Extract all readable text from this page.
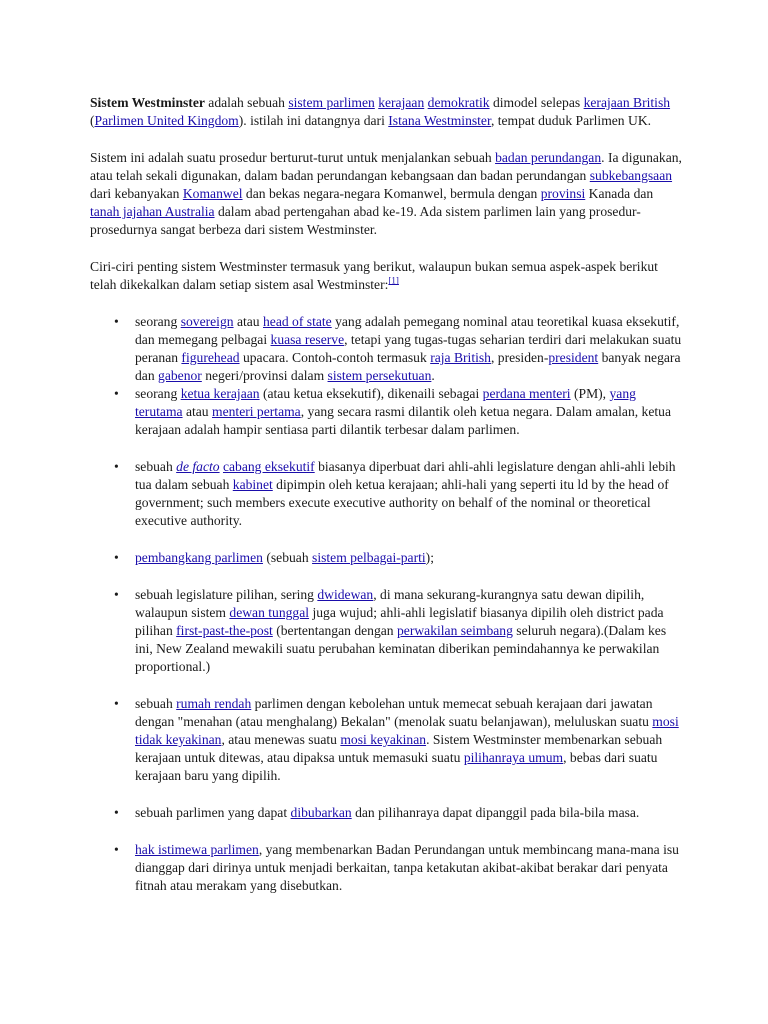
Sistem Westminster adalah sebuah sistem parlimen kerajaan demokratik dimodel selepas kerajaan British (Parlimen United Kingdom). istilah ini datangnya dari Istana Westminster, tempat duduk Parlimen UK.

Sistem ini adalah suatu prosedur berturut-turut untuk menjalankan sebuah badan perundangan. Ia digunakan, atau telah sekali digunakan, dalam badan perundangan kebangsaan dan badan perundangan subkebangsaan dari kebanyakan Komanwel dan bekas negara-negara Komanwel, bermula dengan provinsi Kanada dan tanah jajahan Australia dalam abad pertengahan abad ke-19. Ada sistem parlimen lain yang prosedur-prosedurnya sangat berbeza dari sistem Westminster.

Ciri-ciri penting sistem Westminster termasuk yang berikut, walaupun bukan semua aspek-aspek berikut telah dikekalkan dalam setiap sistem asal Westminster:[1]

• seorang sovereign atau head of state yang adalah pemegang nominal atau teoretikal kuasa eksekutif, dan memegang pelbagai kuasa reserve, tetapi yang tugas-tugas seharian terdiri dari melakukan suatu peranan figurehead upacara. Contoh-contoh termasuk raja British, presiden-president banyak negara dan gabenor negeri/provinsi dalam sistem persekutuan.
• seorang ketua kerajaan (atau ketua eksekutif), dikenaili sebagai perdana menteri (PM), yang terutama atau menteri pertama, yang secara rasmi dilantik oleh ketua negara. Dalam amalan, ketua kerajaan adalah hampir sentiasa parti dilantik terbesar dalam parlimen.
• sebuah de facto cabang eksekutif biasanya diperbuat dari ahli-ahli legislature dengan ahli-ahli lebih tua dalam sebuah kabinet dipimpin oleh ketua kerajaan; ahli-hali yang seperti itu ld by the head of government; such members execute executive authority on behalf of the nominal or theoretical executive authority.
• pembangkang parlimen (sebuah sistem pelbagai-parti);
• sebuah legislature pilihan, sering dwidewan, di mana sekurang-kurangnya satu dewan dipilih, walaupun sistem dewan tunggal juga wujud; ahli-ahli legislatif biasanya dipilih oleh district pada pilihan first-past-the-post (bertentangan dengan perwakilan seimbang seluruh negara).(Dalam kes ini, New Zealand mewakili suatu perubahan keminatan diberikan pemindahannya ke perwakilan proportional.)
• sebuah rumah rendah parlimen dengan kebolehan untuk memecat sebuah kerajaan dari jawatan dengan "menahan (atau menghalang) Bekalan" (menolak suatu belanjawan), meluluskan suatu mosi tidak keyakinan, atau menewas suatu mosi keyakinan. Sistem Westminster membenarkan sebuah kerajaan untuk ditewas, atau dipaksa untuk memasuki suatu pilihanraya umum, bebas dari suatu kerajaan baru yang dipilih.
• sebuah parlimen yang dapat dibubarkan dan pilihanraya dapat dipanggil pada bila-bila masa.
• hak istimewa parlimen, yang membenarkan Badan Perundangan untuk membincang mana-mana isu dianggap dari dirinya untuk menjadi berkaitan, tanpa ketakutan akibat-akibat berakar dari penyata fitnah atau merakam yang disebutkan.
